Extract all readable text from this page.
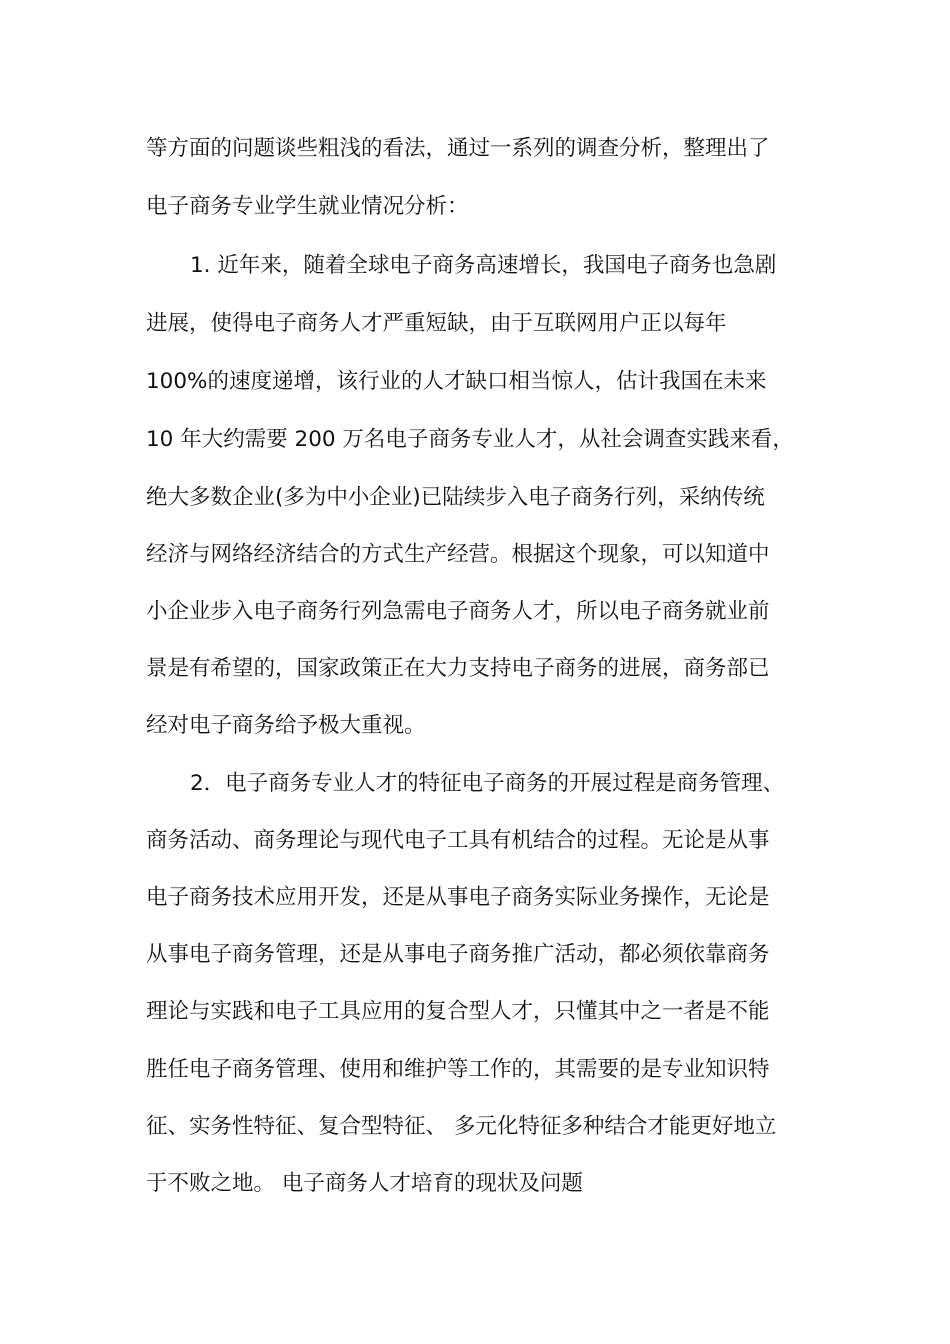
等方面的问题谈些粗浅的看法，通过一系列的调查分析，整理出了
电子商务专业学生就业情况分析：
1. 近年来，随着全球电子商务高速增长，我国电子商务也急剧
进展，使得电子商务人才严重短缺，由于互联网用户正以每年
100%的速度递增，该行业的人才缺口相当惊人，估计我国在未来
10 年大约需要 200 万名电子商务专业人才，从社会调查实践来看，
绝大多数企业(多为中小企业)已陆续步入电子商务行列，采纳传统
经济与网络经济结合的方式生产经营。根据这个现象，可以知道中
小企业步入电子商务行列急需电子商务人才，所以电子商务就业前
景是有希望的，国家政策正在大力支持电子商务的进展，商务部已
经对电子商务给予极大重视。
2．电子商务专业人才的特征电子商务的开展过程是商务管理、
商务活动、商务理论与现代电子工具有机结合的过程。无论是从事
电子商务技术应用开发，还是从事电子商务实际业务操作，无论是
从事电子商务管理，还是从事电子商务推广活动，都必须依靠商务
理论与实践和电子工具应用的复合型人才，只懂其中之一者是不能
胜任电子商务管理、使用和维护等工作的，其需要的是专业知识特
征、实务性特征、复合型特征、 多元化特征多种结合才能更好地立
于不败之地。 电子商务人才培育的现状及问题
